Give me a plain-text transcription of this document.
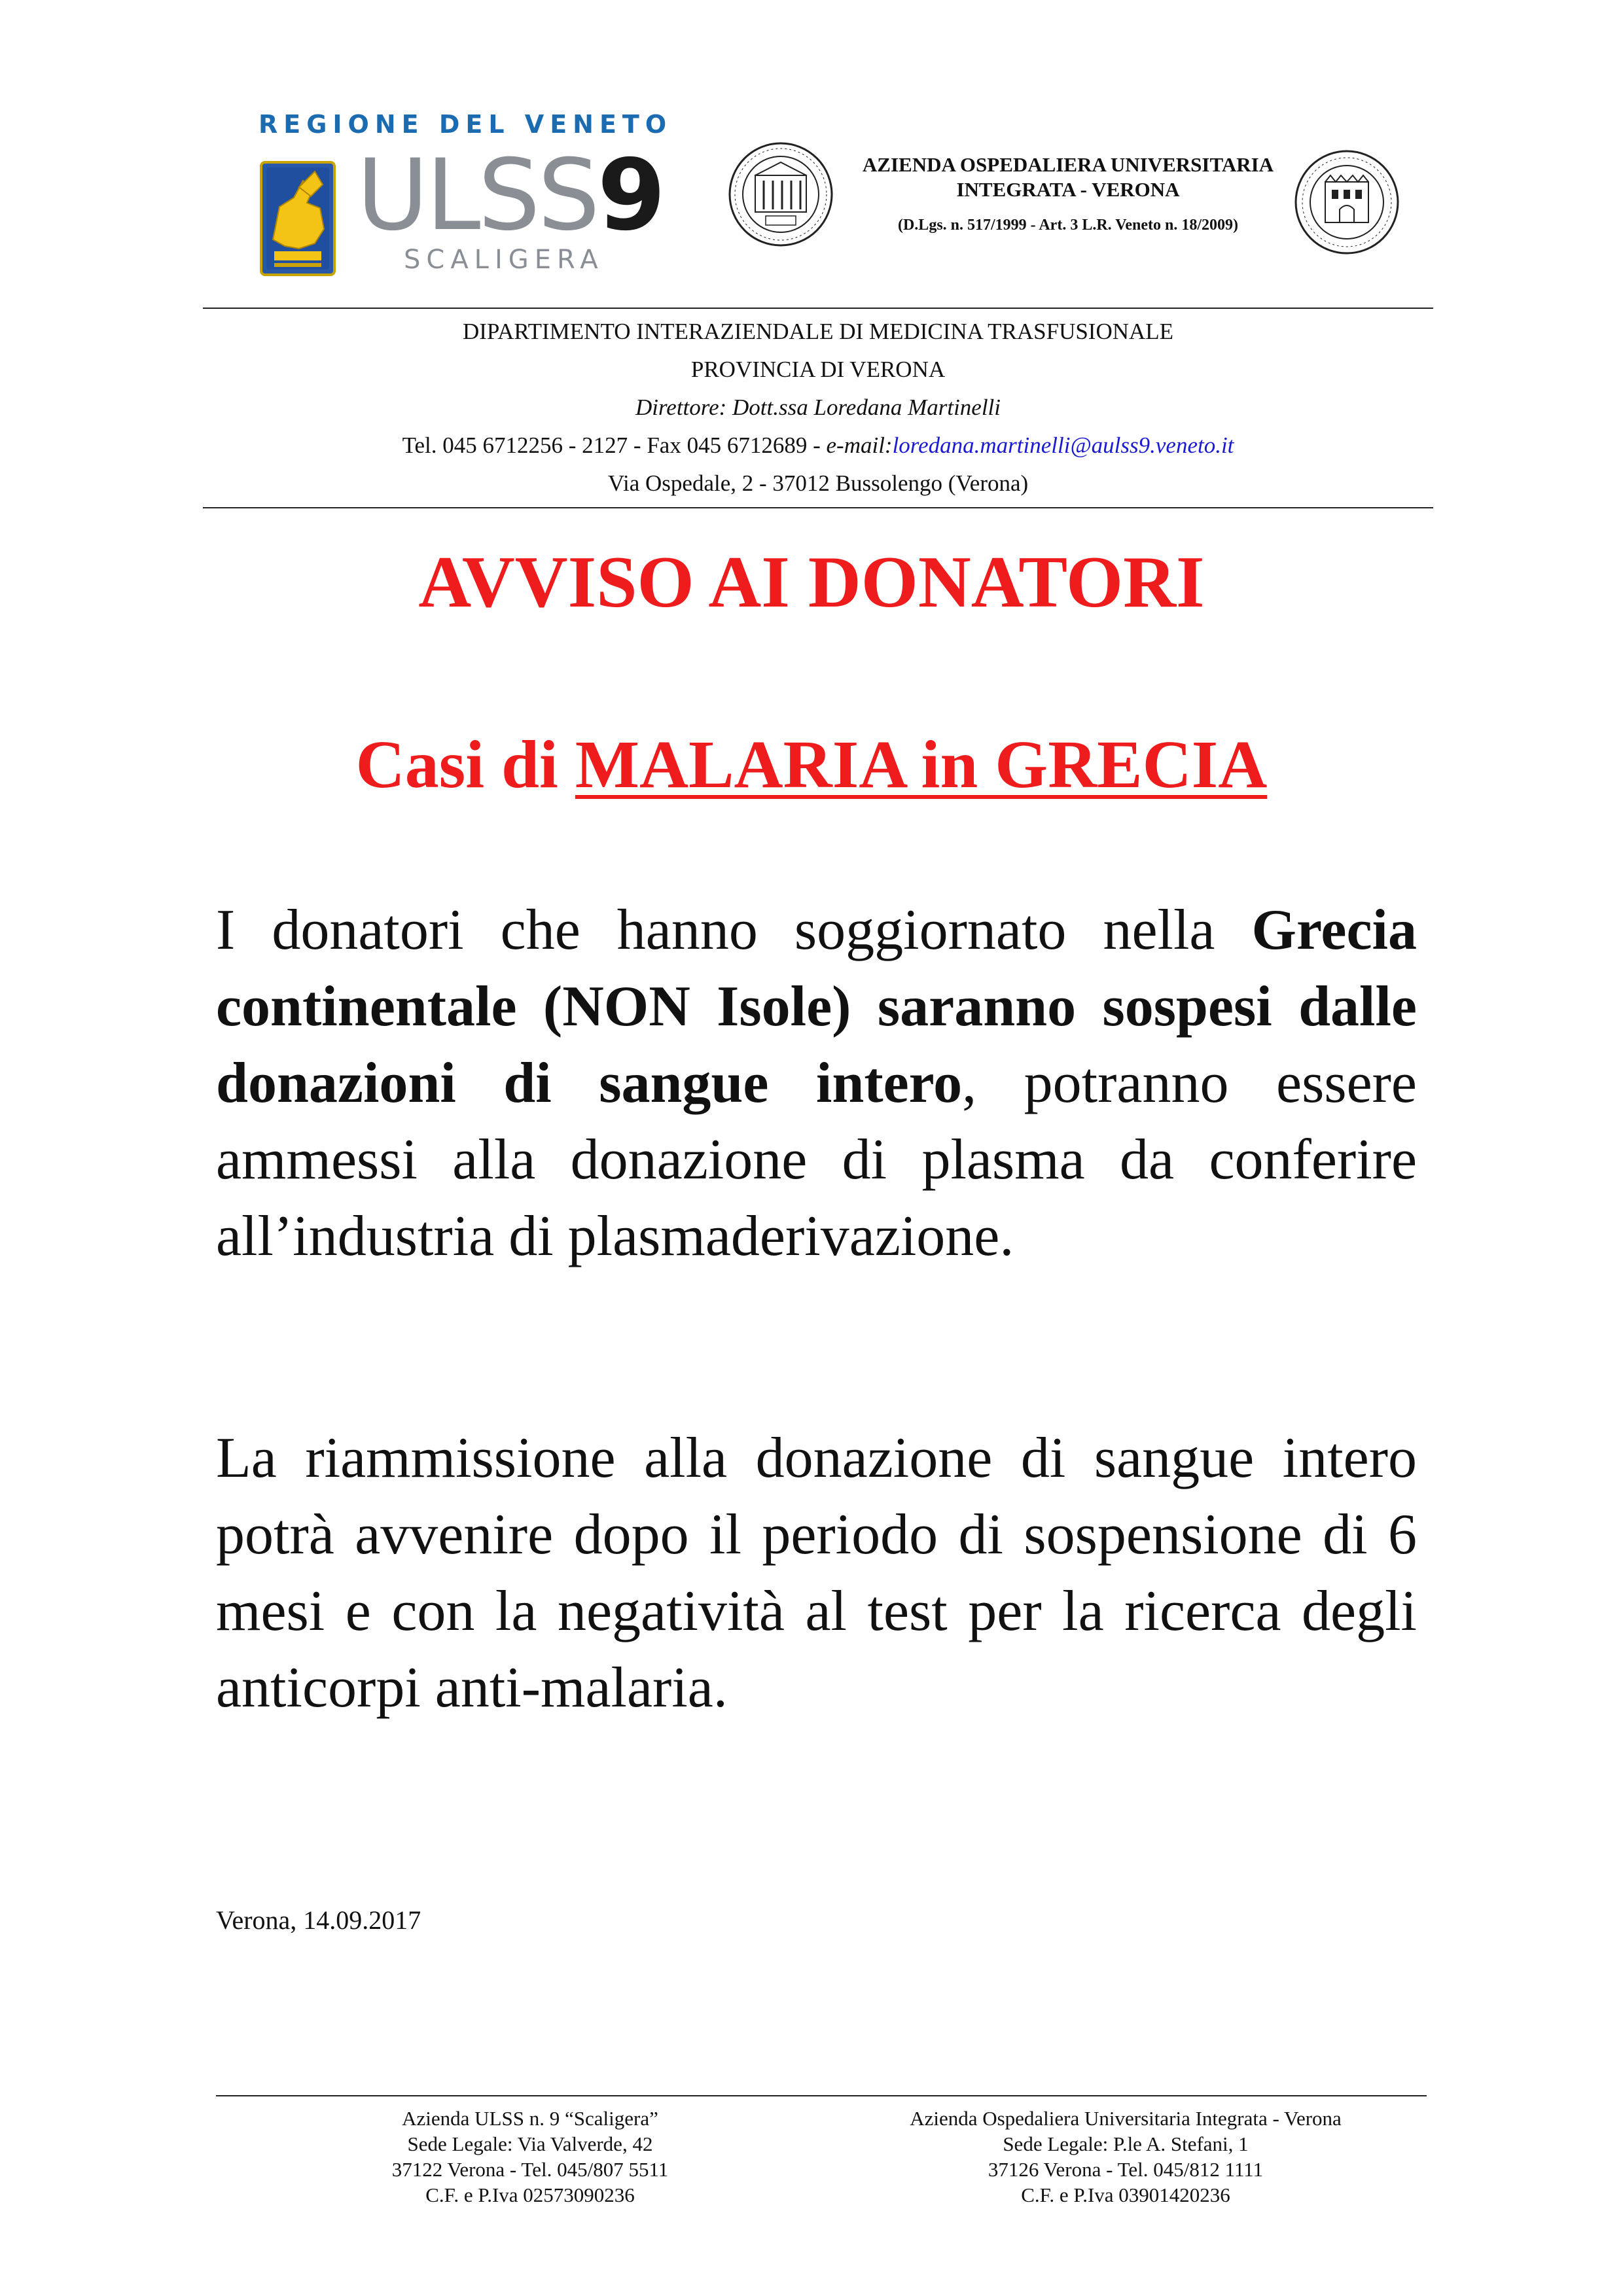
REGIONE DEL VENETO
ULSS9
SCALIGERA
AZIENDA OSPEDALIERA UNIVERSITARIA
INTEGRATA - VERONA
(D.Lgs. n. 517/1999 - Art. 3 L.R. Veneto n. 18/2009)
DIPARTIMENTO INTERAZIENDALE DI MEDICINA TRASFUSIONALE
PROVINCIA DI VERONA
Direttore: Dott.ssa Loredana Martinelli
Tel. 045 6712256 - 2127 - Fax 045 6712689 - e-mail:loredana.martinelli@aulss9.veneto.it
Via Ospedale, 2 - 37012 Bussolengo (Verona)
AVVISO AI DONATORI
Casi di MALARIA in GRECIA
I donatori che hanno soggiornato nella Grecia continentale (NON Isole) saranno sospesi dalle donazioni di sangue intero, potranno essere ammessi alla donazione di plasma da conferire all’industria di plasmaderivazione.
La riammissione alla donazione di sangue intero potrà avvenire dopo il periodo di sospensione di 6 mesi e con la negatività al test per la ricerca degli anticorpi anti-malaria.
Verona, 14.09.2017
Azienda ULSS n. 9 “Scaligera”
Sede Legale: Via Valverde, 42
37122 Verona - Tel. 045/807 5511
C.F. e P.Iva 02573090236
Azienda Ospedaliera Universitaria Integrata - Verona
Sede Legale: P.le A. Stefani, 1
37126 Verona - Tel. 045/812 1111
C.F. e P.Iva 03901420236
